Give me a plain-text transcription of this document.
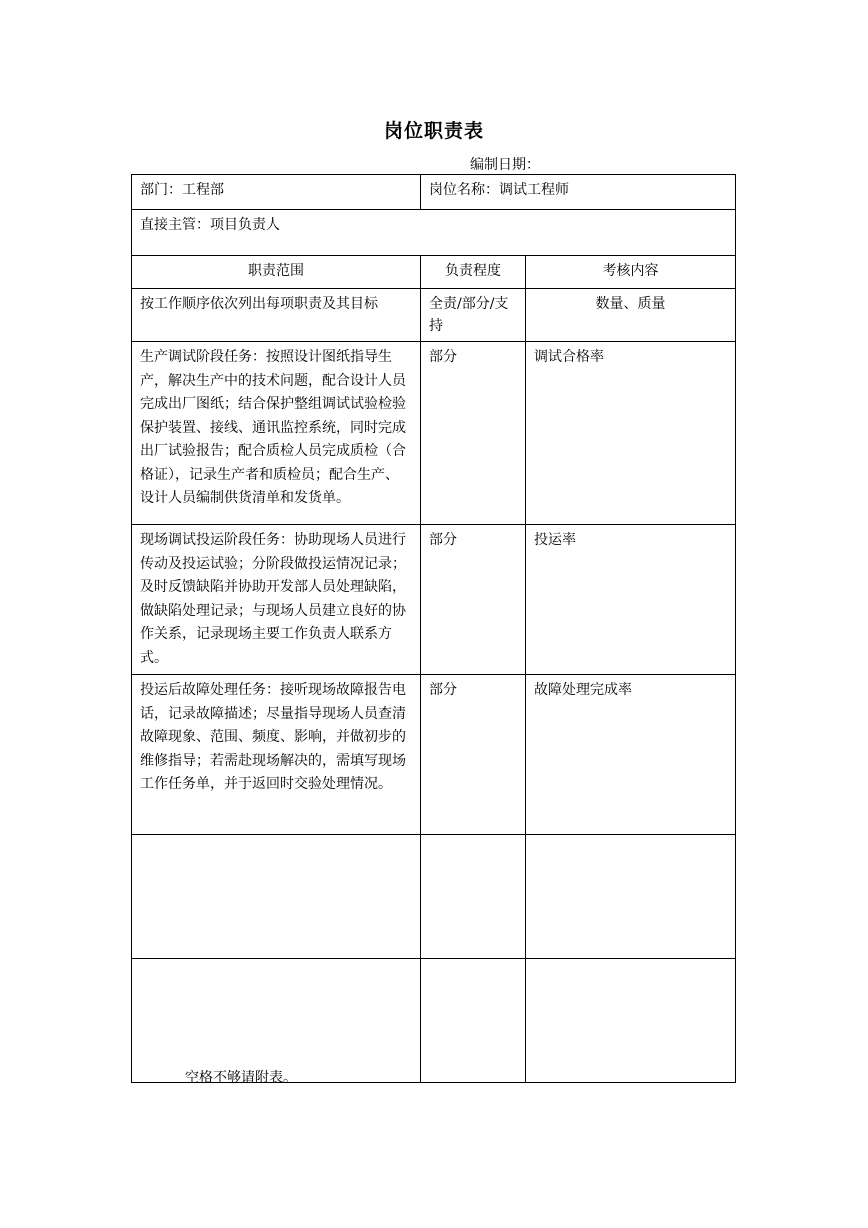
岗位职责表
编制日期：
部门：工程部	岗位名称：调试工程师	
直接主管：项目负责人		
职责范围	负责程度	考核内容
按工作顺序依次列出每项职责及其目标	全责/部分/支持	数量、质量
生产调试阶段任务：按照设计图纸指导生产，解决生产中的技术问题，配合设计人员完成出厂图纸；结合保护整组调试试验检验保护装置、接线、通讯监控系统，同时完成出厂试验报告；配合质检人员完成质检（合格证），记录生产者和质检员；配合生产、设计人员编制供货清单和发货单。	部分	调试合格率
现场调试投运阶段任务：协助现场人员进行传动及投运试验；分阶段做投运情况记录；及时反馈缺陷并协助开发部人员处理缺陷，做缺陷处理记录；与现场人员建立良好的协作关系，记录现场主要工作负责人联系方式。	部分	投运率
投运后故障处理任务：接听现场故障报告电话，记录故障描述；尽量指导现场人员查清故障现象、范围、频度、影响，并做初步的维修指导；若需赴现场解决的，需填写现场工作任务单，并于返回时交验处理情况。	部分	故障处理完成率

空格不够请附表。
